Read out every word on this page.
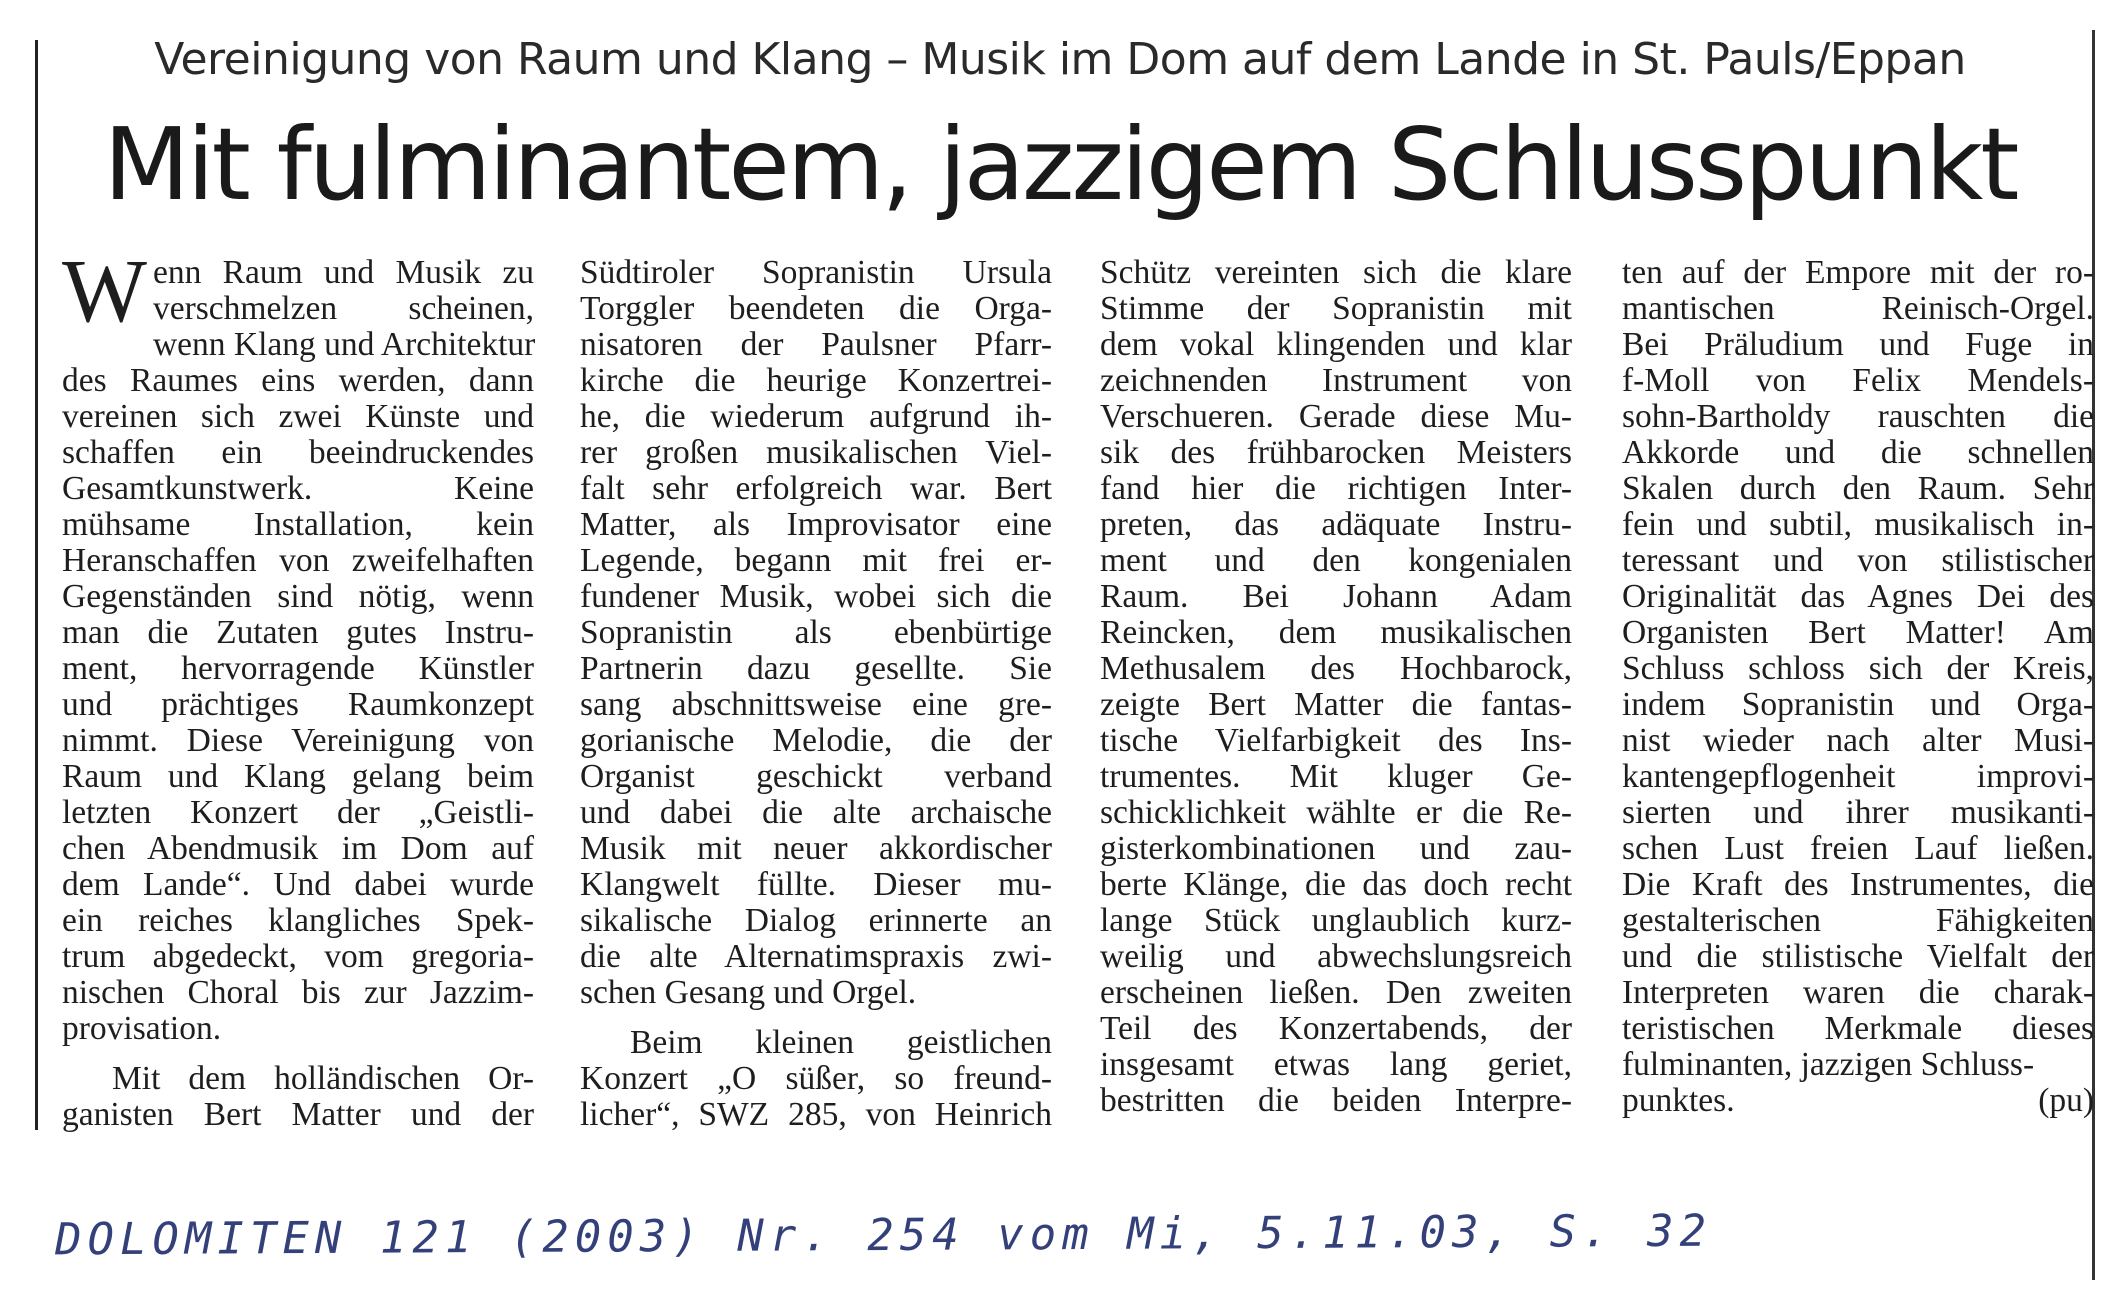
Vereinigung von Raum und Klang – Musik im Dom auf dem Lande in St. Pauls/Eppan
Mit fulminantem, jazzigem Schlusspunkt
W enn Raum und Musik zu
verschmelzen scheinen,
wenn Klang und Architektur
des Raumes eins werden, dann
vereinen sich zwei Künste und
schaffen ein beeindruckendes
Gesamtkunstwerk. Keine
mühsame Installation, kein
Heranschaffen von zweifelhaften
Gegenständen sind nötig, wenn
man die Zutaten gutes Instru-
ment, hervorragende Künstler
und prächtiges Raumkonzept
nimmt. Diese Vereinigung von
Raum und Klang gelang beim
letzten Konzert der „Geistli-
chen Abendmusik im Dom auf
dem Lande“. Und dabei wurde
ein reiches klangliches Spek-
trum abgedeckt, vom gregoria-
nischen Choral bis zur Jazzim-
provisation.
Mit dem holländischen Or-
ganisten Bert Matter und der
Südtiroler Sopranistin Ursula
Torggler beendeten die Orga-
nisatoren der Paulsner Pfarr-
kirche die heurige Konzertrei-
he, die wiederum aufgrund ih-
rer großen musikalischen Viel-
falt sehr erfolgreich war. Bert
Matter, als Improvisator eine
Legende, begann mit frei er-
fundener Musik, wobei sich die
Sopranistin als ebenbürtige
Partnerin dazu gesellte. Sie
sang abschnittsweise eine gre-
gorianische Melodie, die der
Organist geschickt verband
und dabei die alte archaische
Musik mit neuer akkordischer
Klangwelt füllte. Dieser mu-
sikalische Dialog erinnerte an
die alte Alternatimspraxis zwi-
schen Gesang und Orgel.
Beim kleinen geistlichen
Konzert „O süßer, so freund-
licher“, SWZ 285, von Heinrich
Schütz vereinten sich die klare
Stimme der Sopranistin mit
dem vokal klingenden und klar
zeichnenden Instrument von
Verschueren. Gerade diese Mu-
sik des frühbarocken Meisters
fand hier die richtigen Inter-
preten, das adäquate Instru-
ment und den kongenialen
Raum. Bei Johann Adam
Reincken, dem musikalischen
Methusalem des Hochbarock,
zeigte Bert Matter die fantas-
tische Vielfarbigkeit des Ins-
trumentes. Mit kluger Ge-
schicklichkeit wählte er die Re-
gisterkombinationen und zau-
berte Klänge, die das doch recht
lange Stück unglaublich kurz-
weilig und abwechslungsreich
erscheinen ließen. Den zweiten
Teil des Konzertabends, der
insgesamt etwas lang geriet,
bestritten die beiden Interpre-
ten auf der Empore mit der ro-
mantischen Reinisch-Orgel.
Bei Präludium und Fuge in
f-Moll von Felix Mendels-
sohn-Bartholdy rauschten die
Akkorde und die schnellen
Skalen durch den Raum. Sehr
fein und subtil, musikalisch in-
teressant und von stilistischer
Originalität das Agnes Dei des
Organisten Bert Matter! Am
Schluss schloss sich der Kreis,
indem Sopranistin und Orga-
nist wieder nach alter Musi-
kantengepflogenheit improvi-
sierten und ihrer musikanti-
schen Lust freien Lauf ließen.
Die Kraft des Instrumentes, die
gestalterischen Fähigkeiten
und die stilistische Vielfalt der
Interpreten waren die charak-
teristischen Merkmale dieses
fulminanten, jazzigen Schluss-
punktes.	(pu)
DOLOMITEN 121 (2003) Nr. 254 vom Mi, 5.11.03, S. 32
